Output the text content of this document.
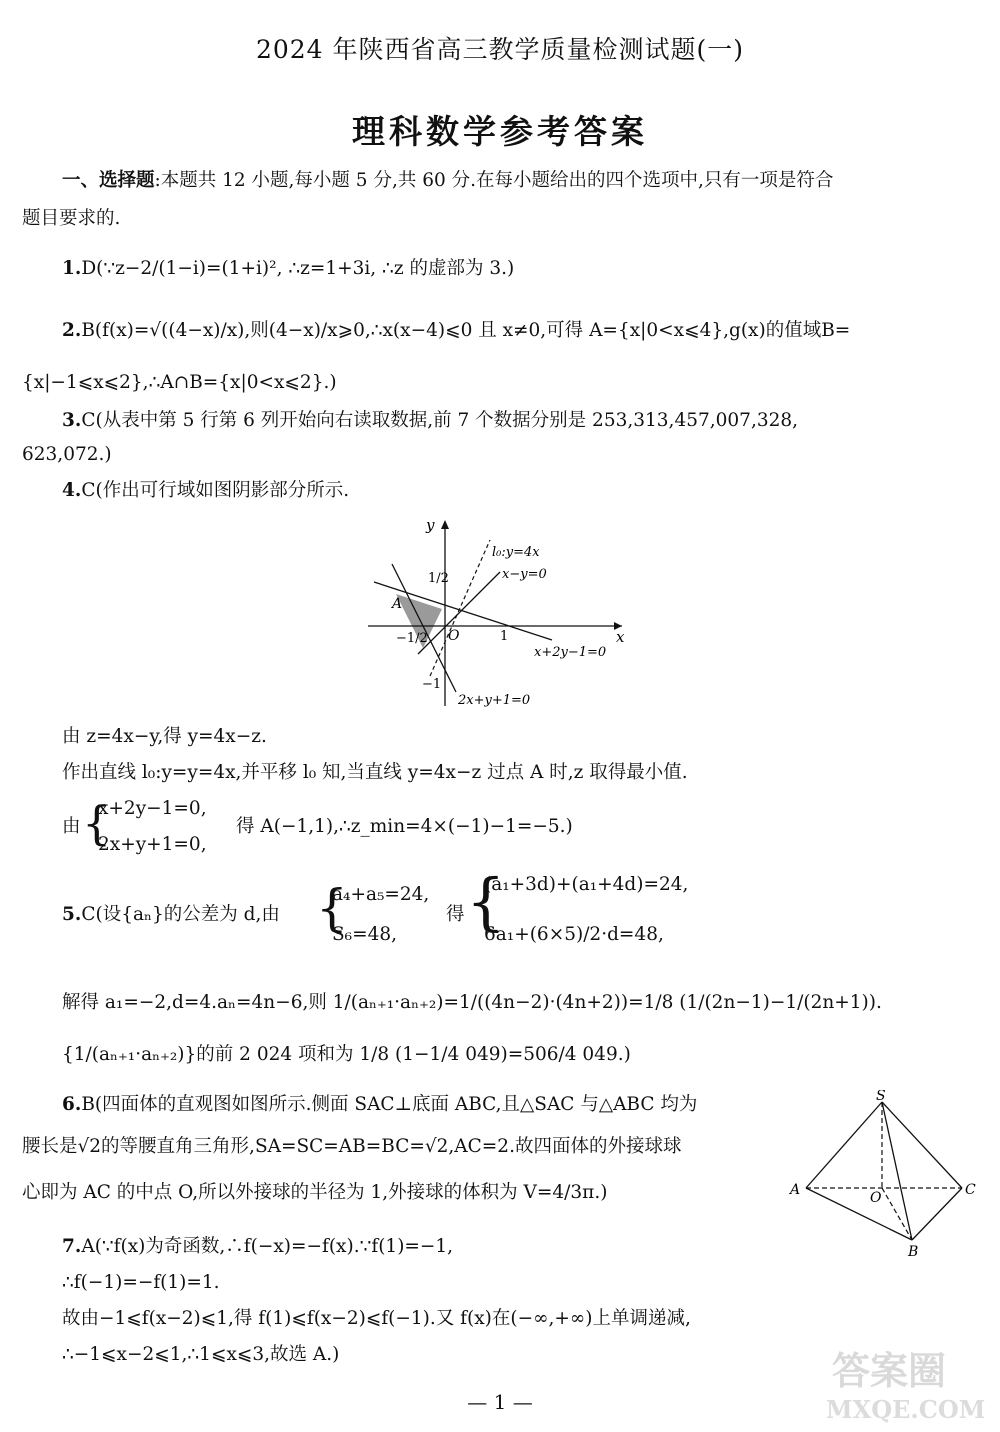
2024 年陕西省高三教学质量检测试题(一)
理科数学参考答案
一、选择题:本题共 12 小题,每小题 5 分,共 60 分.在每小题给出的四个选项中,只有一项是符合
题目要求的.
1.D(∵z−2/(1−i)=(1+i)², ∴z=1+3i, ∴z 的虚部为 3.)
2.B(f(x)=√((4−x)/x),则(4−x)/x⩾0,∴x(x−4)⩽0 且 x≠0,可得 A={x|0<x⩽4},g(x)的值域B=
{x|−1⩽x⩽2},∴A∩B={x|0<x⩽2}.)
3.C(从表中第 5 行第 6 列开始向右读取数据,前 7 个数据分别是 253,313,457,007,328,
623,072.)
4.C(作出可行域如图阴影部分所示.
y
x
l₀:y=4x
x−y=0
1/2
A
O	1
−1/2
−1
x+2y−1=0
2x+y+1=0
由 z=4x−y,得 y=4x−z.
作出直线 l₀:y=y=4x,并平移 l₀ 知,当直线 y=4x−z 过点 A 时,z 取得最小值.
由 {
x+2y−1=0,
2x+y+1=0,
得 A(−1,1),∴z_min=4×(−1)−1=−5.)
5.C(设{aₙ}的公差为 d,由 {
a₄+a₅=24,
S₆=48,
得 {
(a₁+3d)+(a₁+4d)=24,
6a₁+(6×5)/2·d=48,
解得 a₁=−2,d=4.aₙ=4n−6,则 1/(aₙ₊₁·aₙ₊₂)=1/((4n−2)·(4n+2))=1/8 (1/(2n−1)−1/(2n+1)).
{1/(aₙ₊₁·aₙ₊₂)}的前 2 024 项和为 1/8 (1−1/4 049)=506/4 049.)
6.B(四面体的直观图如图所示.侧面 SAC⊥底面 ABC,且△SAC 与△ABC 均为
腰长是√2的等腰直角三角形,SA=SC=AB=BC=√2,AC=2.故四面体的外接球球
心即为 AC 的中点 O,所以外接球的半径为 1,外接球的体积为 V=4/3π.)
S
A	O	C
B
7.A(∵f(x)为奇函数,∴f(−x)=−f(x).∵f(1)=−1,
∴f(−1)=−f(1)=1.
故由−1⩽f(x−2)⩽1,得 f(1)⩽f(x−2)⩽f(−1).又 f(x)在(−∞,+∞)上单调递减,
∴−1⩽x−2⩽1,∴1⩽x⩽3,故选 A.)
— 1 —
答案圈
MXQE.COM
